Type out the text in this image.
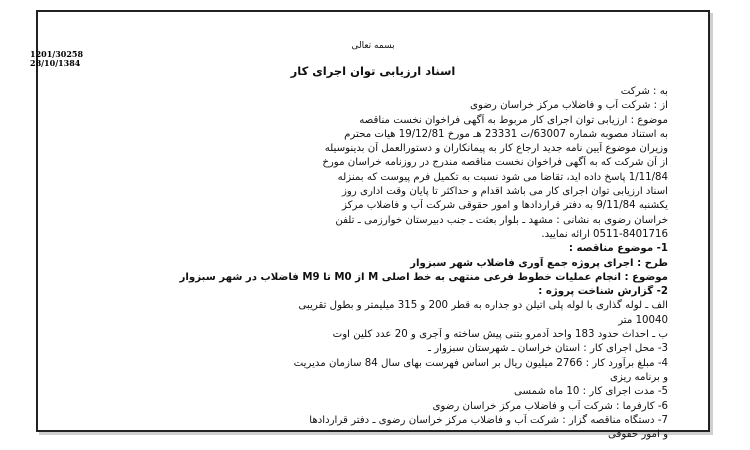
1201/30258
28/10/1384
بسمه تعالی
اسناد ارزیابی توان اجرای کار
به : شرکت
از : شرکت آب و فاضلاب مرکز خراسان رضوی
موضوع : ارزیابی توان اجرای کار مربوط به آگهی فراخوان نخست مناقصه
به استناد مصوبه شماره 63007/ت 23331 هـ مورخ 19/12/81 هیات محترم
وزیران موضوع آیین نامه جدید ارجاع کار به پیمانکاران و دستورالعمل آن بدینوسیله
از آن شرکت که به آگهی فراخوان نخست مناقصه مندرج در روزنامه خراسان مورخ
1/11/84 پاسخ داده اید، تقاضا می شود نسبت به تکمیل فرم پیوست که بمنزله
اسناد ارزیابی توان اجرای کار می باشد اقدام و حداکثر تا پایان وقت اداری روز
یکشنبه 9/11/84 به دفتر قراردادها و امور حقوقی شرکت آب و فاضلاب مرکز
خراسان رضوی به نشانی : مشهد ـ بلوار بعثت ـ جنب دبیرستان خوارزمی ـ تلفن
0511-8401716 ارائه نمایید.
1- موضوع مناقصه :
طرح : اجرای پروژه جمع آوری فاضلاب شهر سبزوار
موضوع : انجام عملیات خطوط فرعی منتهی به خط اصلی M از M0 تا M9 فاضلاب در شهر سبزوار
2- گزارش شناخت پروژه :
الف ـ لوله گذاری با لوله پلی اتیلن دو جداره به قطر 200 و 315 میلیمتر و بطول تقریبی
10040 متر
ب ـ احداث حدود 183 واحد آدمرو بتنی پیش ساخته و آجری و 20 عدد کلین اوت
3- محل اجرای کار : استان خراسان ـ شهرستان سبزوار ـ
4- مبلغ برآورد کار : 2766 میلیون ریال بر اساس فهرست بهای سال 84 سازمان مدیریت
و برنامه ریزی
5- مدت اجرای کار : 10 ماه شمسی
6- کارفرما : شرکت آب و فاضلاب مرکز خراسان رضوی
7- دستگاه مناقصه گزار : شرکت آب و فاضلاب مرکز خراسان رضوی ـ دفتر قراردادها
و امور حقوقی
